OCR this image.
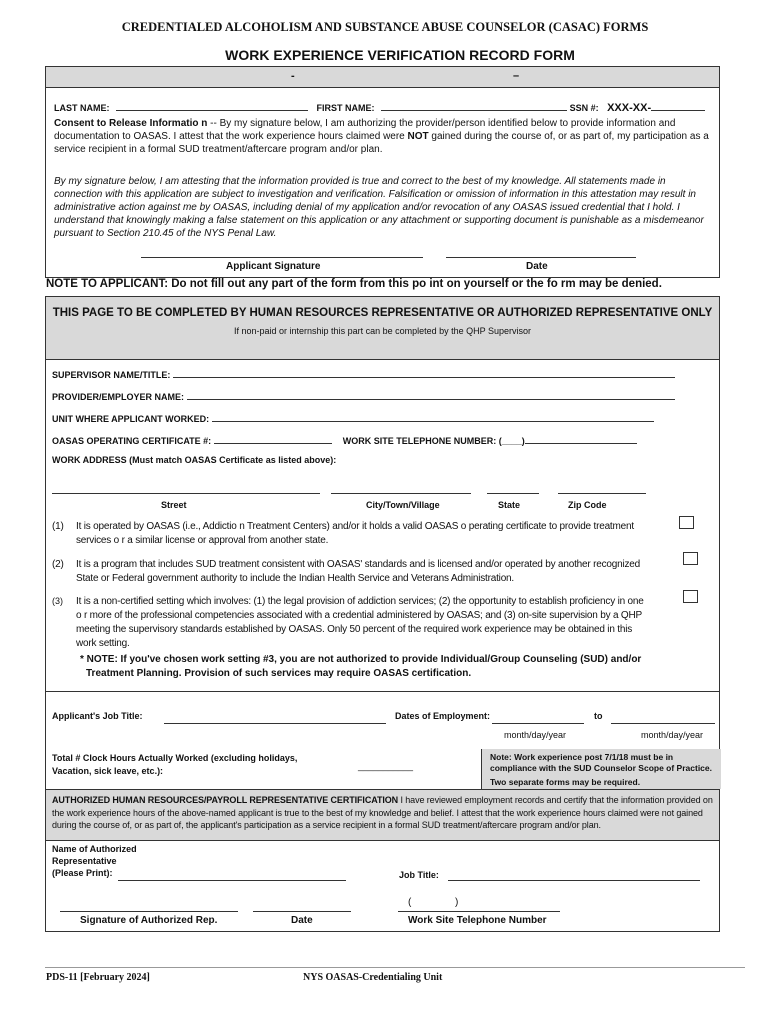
CREDENTIALED ALCOHOLISM AND SUBSTANCE ABUSE COUNSELOR (CASAC) FORMS
WORK EXPERIENCE VERIFICATION RECORD FORM
-	–
LAST NAME:	FIRST NAME:	SSN #: XXX-XX-
Consent to Release Informatio n -- By my signature below, I am authorizing the provider/person identified below to provide information and documentation to OASAS. I attest that the work experience hours claimed were NOT gained during the course of, or as part of, my participation as a service recipient in a formal SUD treatment/aftercare program and/or plan.
By my signature below, I am attesting that the information provided is true and correct to the best of my knowledge. All statements made in connection with this application are subject to investigation and verification. Falsification or omission of information in this attestation may result in administrative action against me by OASAS, including denial of my application and/or revocation of any OASAS issued credential that I hold. I understand that knowingly making a false statement on this application or any attachment or supporting document is punishable as a misdemeanor pursuant to Section 210.45 of the NYS Penal Law.
Applicant Signature	Date
NOTE TO APPLICANT: Do not fill out any part of the form from this po int on yourself or the fo rm may be denied.
THIS PAGE TO BE COMPLETED BY HUMAN RESOURCES REPRESENTATIVE OR AUTHORIZED REPRESENTATIVE ONLY
If non-paid or internship this part can be completed by the QHP Supervisor
SUPERVISOR NAME/TITLE:
PROVIDER/EMPLOYER NAME:
UNIT WHERE APPLICANT WORKED:
OASAS OPERATING CERTIFICATE #:	WORK SITE TELEPHONE NUMBER: (____)
WORK ADDRESS (Must match OASAS Certificate as listed above):
Street	City/Town/Village	State	Zip Code
(1) It is operated by OASAS (i.e., Addictio n Treatment Centers) and/or it holds a valid OASAS o perating certificate to provide treatment services o r a similar license or approval from another state.
(2) It is a program that includes SUD treatment consistent with OASAS' standards and is licensed and/or operated by another recognized State or Federal government authority to include the Indian Health Service and Veterans Administration.
(3) It is a non-certified setting which involves: (1) the legal provision of addiction services; (2) the opportunity to establish proficiency in one o r more of the professional competencies associated with a credential administered by OASAS; and (3) on-site supervision by a QHP meeting the supervisory standards established by OASAS. Only 50 percent of the required work experience may be obtained in this work setting.
* NOTE: If you've chosen work setting #3, you are not authorized to provide Individual/Group Counseling (SUD) and/or Treatment Planning. Provision of such services may require OASAS certification.
Applicant's Job Title:	Dates of Employment:	to
month/day/year	month/day/year
Total # Clock Hours Actually Worked (excluding holidays,
Vacation, sick leave, etc.):	___________
Note: Work experience post 7/1/18 must be in compliance with the SUD Counselor Scope of Practice.
Two separate forms may be required.
AUTHORIZED HUMAN RESOURCES/PAYROLL REPRESENTATIVE CERTIFICATION I have reviewed employment records and certify that the information provided on the work experience hours of the above-named applicant is true to the best of my knowledge and belief. I attest that the work experience hours claimed were not gained during the course of, or as part of, the applicant's participation as a service recipient in a formal SUD treatment/aftercare program and/or plan.
Name of Authorized
Representative
(Please Print):	Job Title:
(	)
Signature of Authorized Rep.	Date	Work Site Telephone Number
PDS-11 [February 2024]	NYS OASAS-Credentialing Unit
